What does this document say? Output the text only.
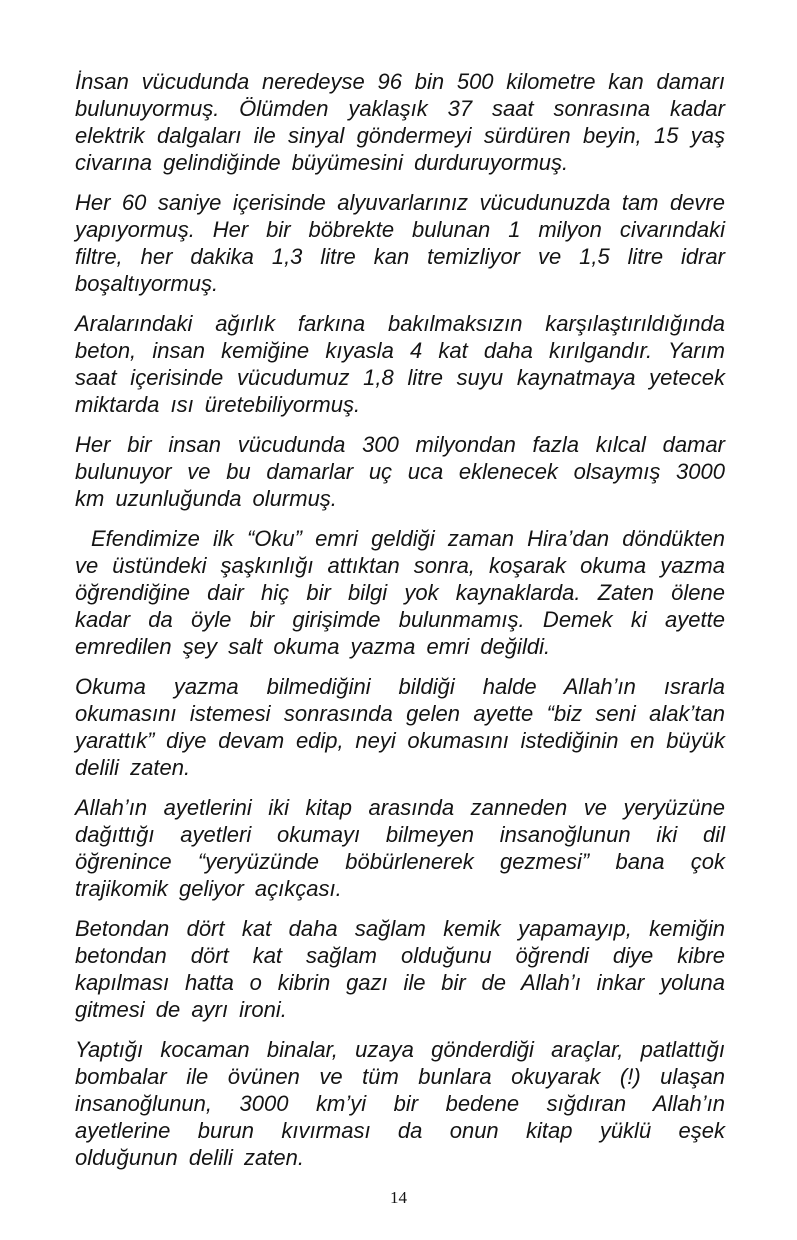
İnsan vücudunda neredeyse 96 bin 500 kilometre kan damarı bulunuyormuş. Ölümden yaklaşık 37 saat sonrasına kadar elektrik dalgaları ile sinyal göndermeyi sürdüren beyin, 15 yaş civarına gelindiğinde büyümesini durduruyormuş.

Her 60 saniye içerisinde alyuvarlarınız vücudunuzda tam devre yapıyormuş. Her bir böbrekte bulunan 1 milyon civarındaki filtre, her dakika 1,3 litre kan temizliyor ve 1,5 litre idrar boşaltıyormuş.

Aralarındaki ağırlık farkına bakılmaksızın karşılaştırıldığında beton, insan kemiğine kıyasla 4 kat daha kırılgandır. Yarım saat içerisinde vücudumuz 1,8 litre suyu kaynatmaya yetecek miktarda ısı üretebiliyormuş.

Her bir insan vücudunda 300 milyondan fazla kılcal damar bulunuyor ve bu damarlar uç uca eklenecek olsaymış 3000 km uzunluğunda olurmuş.

Efendimize ilk “Oku” emri geldiği zaman Hira’dan döndükten ve üstündeki şaşkınlığı attıktan sonra, koşarak okuma yazma öğrendiğine dair hiç bir bilgi yok kaynaklarda. Zaten ölene kadar da öyle bir girişimde bulunmamış. Demek ki ayette emredilen şey salt okuma yazma emri değildi.

Okuma yazma bilmediğini bildiği halde Allah’ın ısrarla okumasını istemesi sonrasında gelen ayette “biz seni alak’tan yarattık” diye devam edip, neyi okumasını istediğinin en büyük delili zaten.

Allah’ın ayetlerini iki kitap arasında zanneden ve yeryüzüne dağıttığı ayetleri okumayı bilmeyen insanoğlunun iki dil öğrenince “yeryüzünde böbürlenerek gezmesi” bana çok trajikomik geliyor açıkçası.

Betondan dört kat daha sağlam kemik yapamayıp, kemiğin betondan dört kat sağlam olduğunu öğrendi diye kibre kapılması hatta o kibrin gazı ile bir de Allah’ı inkar yoluna gitmesi de ayrı ironi.

Yaptığı kocaman binalar, uzaya gönderdiği araçlar, patlattığı bombalar ile övünen ve tüm bunlara okuyarak (!) ulaşan insanoğlunun, 3000 km’yi bir bedene sığdıran Allah’ın ayetlerine burun kıvırması da onun kitap yüklü eşek olduğunun delili zaten.

14
